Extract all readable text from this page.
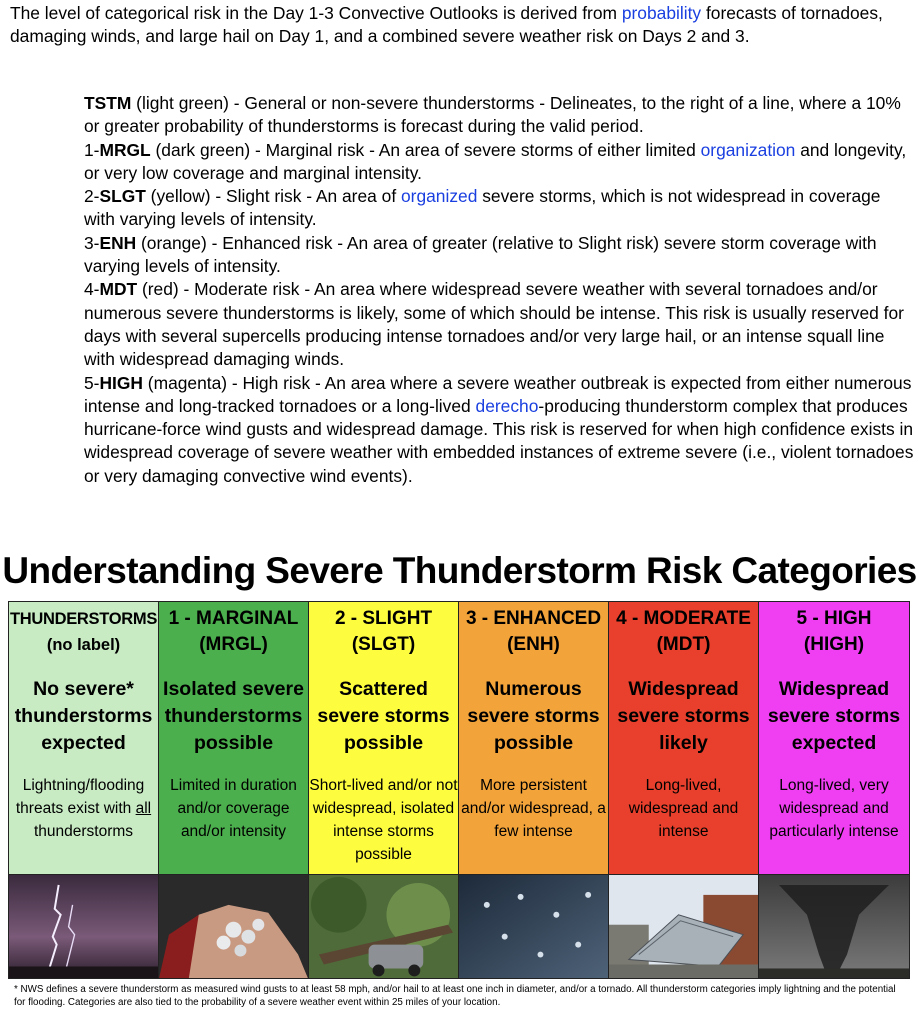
The level of categorical risk in the Day 1-3 Convective Outlooks is derived from probability forecasts of tornadoes, damaging winds, and large hail on Day 1, and a combined severe weather risk on Days 2 and 3.

TSTM (light green) - General or non-severe thunderstorms - Delineates, to the right of a line, where a 10% or greater probability of thunderstorms is forecast during the valid period.

1-MRGL (dark green) - Marginal risk - An area of severe storms of either limited organization and longevity, or very low coverage and marginal intensity.

2-SLGT (yellow) - Slight risk - An area of organized severe storms, which is not widespread in coverage with varying levels of intensity.

3-ENH (orange) - Enhanced risk - An area of greater (relative to Slight risk) severe storm coverage with varying levels of intensity.

4-MDT (red) - Moderate risk - An area where widespread severe weather with several tornadoes and/or numerous severe thunderstorms is likely, some of which should be intense. This risk is usually reserved for days with several supercells producing intense tornadoes and/or very large hail, or an intense squall line with widespread damaging winds.

5-HIGH (magenta) - High risk - An area where a severe weather outbreak is expected from either numerous intense and long-tracked tornadoes or a long-lived derecho-producing thunderstorm complex that produces hurricane-force wind gusts and widespread damage. This risk is reserved for when high confidence exists in widespread coverage of severe weather with embedded instances of extreme severe (i.e., violent tornadoes or very damaging convective wind events).

Understanding Severe Thunderstorm Risk Categories
THUNDERSTORMS
(no label)
No severe*
thunderstorms
expected
Lightning/flooding threats exist with all thunderstorms
1 - MARGINAL
(MRGL)
Isolated severe
thunderstorms
possible
Limited in duration and/or coverage and/or intensity
2 - SLIGHT
(SLGT)
Scattered
severe storms
possible
Short-lived and/or not widespread, isolated intense storms possible
3 - ENHANCED
(ENH)
Numerous
severe storms
possible
More persistent and/or widespread, a few intense
4 - MODERATE
(MDT)
Widespread
severe storms
likely
Long-lived, widespread and intense
5 - HIGH
(HIGH)
Widespread
severe storms
expected
Long-lived, very widespread and particularly intense

* NWS defines a severe thunderstorm as measured wind gusts to at least 58 mph, and/or hail to at least one inch in diameter, and/or a tornado. All thunderstorm categories imply lightning and the potential for flooding. Categories are also tied to the probability of a severe weather event within 25 miles of your location.
